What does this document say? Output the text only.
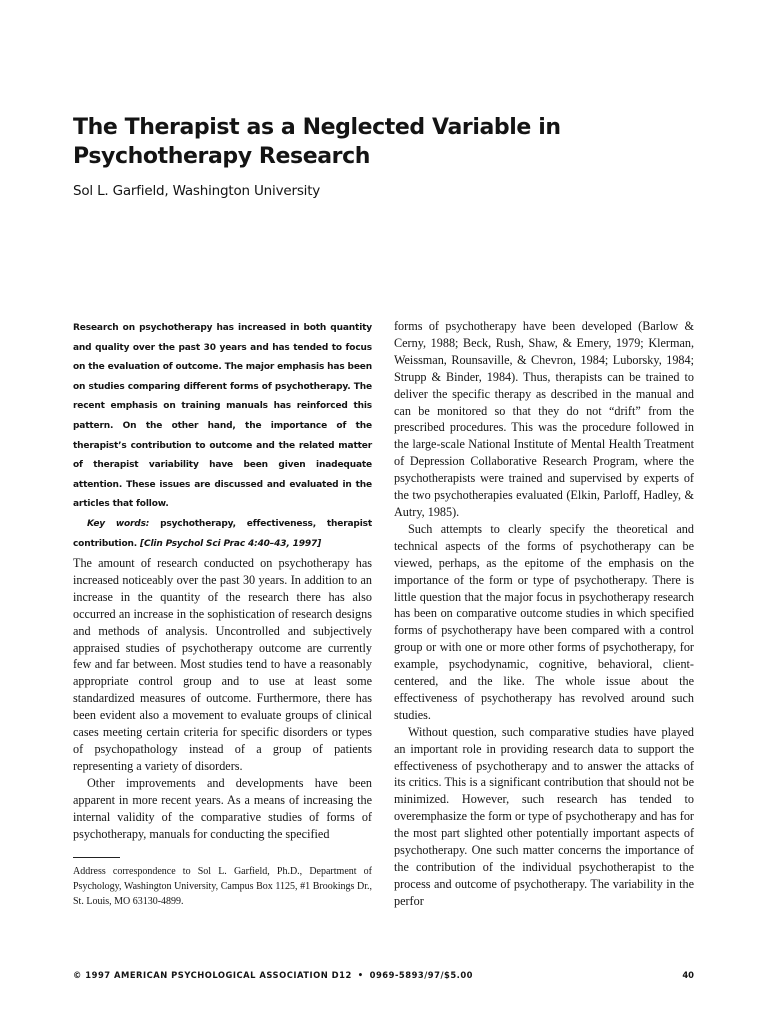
The Therapist as a Neglected Variable in Psychotherapy Research
Sol L. Garfield, Washington University

Research on psychotherapy has increased in both quantity and quality over the past 30 years and has tended to focus on the evaluation of outcome. The major emphasis has been on studies comparing different forms of psychotherapy. The recent emphasis on training manuals has reinforced this pattern. On the other hand, the importance of the therapist’s contribution to outcome and the related matter of therapist variability have been given inadequate attention. These issues are discussed and evaluated in the articles that follow.

Key words: psychotherapy, effectiveness, therapist contribution. [Clin Psychol Sci Prac 4:40–43, 1997]

The amount of research conducted on psychotherapy has increased noticeably over the past 30 years. In addition to an increase in the quantity of the research there has also occurred an increase in the sophistication of research designs and methods of analysis. Uncontrolled and subjectively appraised studies of psychotherapy outcome are currently few and far between. Most studies tend to have a reasonably appropriate control group and to use at least some standardized measures of outcome. Furthermore, there has been evident also a movement to evaluate groups of clinical cases meeting certain criteria for specific disorders or types of psychopathology instead of a group of patients representing a variety of disorders.

Other improvements and developments have been apparent in more recent years. As a means of increasing the internal validity of the comparative studies of forms of psychotherapy, manuals for conducting the specified

forms of psychotherapy have been developed (Barlow & Cerny, 1988; Beck, Rush, Shaw, & Emery, 1979; Klerman, Weissman, Rounsaville, & Chevron, 1984; Luborsky, 1984; Strupp & Binder, 1984). Thus, therapists can be trained to deliver the specific therapy as described in the manual and can be monitored so that they do not “drift” from the prescribed procedures. This was the procedure followed in the large-scale National Institute of Mental Health Treatment of Depression Collaborative Research Program, where the psychotherapists were trained and supervised by experts of the two psychotherapies evaluated (Elkin, Parloff, Hadley, & Autry, 1985).

Such attempts to clearly specify the theoretical and technical aspects of the forms of psychotherapy can be viewed, perhaps, as the epitome of the emphasis on the importance of the form or type of psychotherapy. There is little question that the major focus in psychotherapy research has been on comparative outcome studies in which specified forms of psychotherapy have been compared with a control group or with one or more other forms of psychotherapy, for example, psychodynamic, cognitive, behavioral, client-centered, and the like. The whole issue about the effectiveness of psychotherapy has revolved around such studies.

Without question, such comparative studies have played an important role in providing research data to support the effectiveness of psychotherapy and to answer the attacks of its critics. This is a significant contribution that should not be minimized. However, such research has tended to overemphasize the form or type of psychotherapy and has for the most part slighted other potentially important aspects of psychotherapy. One such matter concerns the importance of the contribution of the individual psychotherapist to the process and outcome of psychotherapy. The variability in the perfor

Address correspondence to Sol L. Garfield, Ph.D., Department of Psychology, Washington University, Campus Box 1125, #1 Brookings Dr., St. Louis, MO 63130-4899.

© 1997 AMERICAN PSYCHOLOGICAL ASSOCIATION D12 • 0969-5893/97/$5.00	40
